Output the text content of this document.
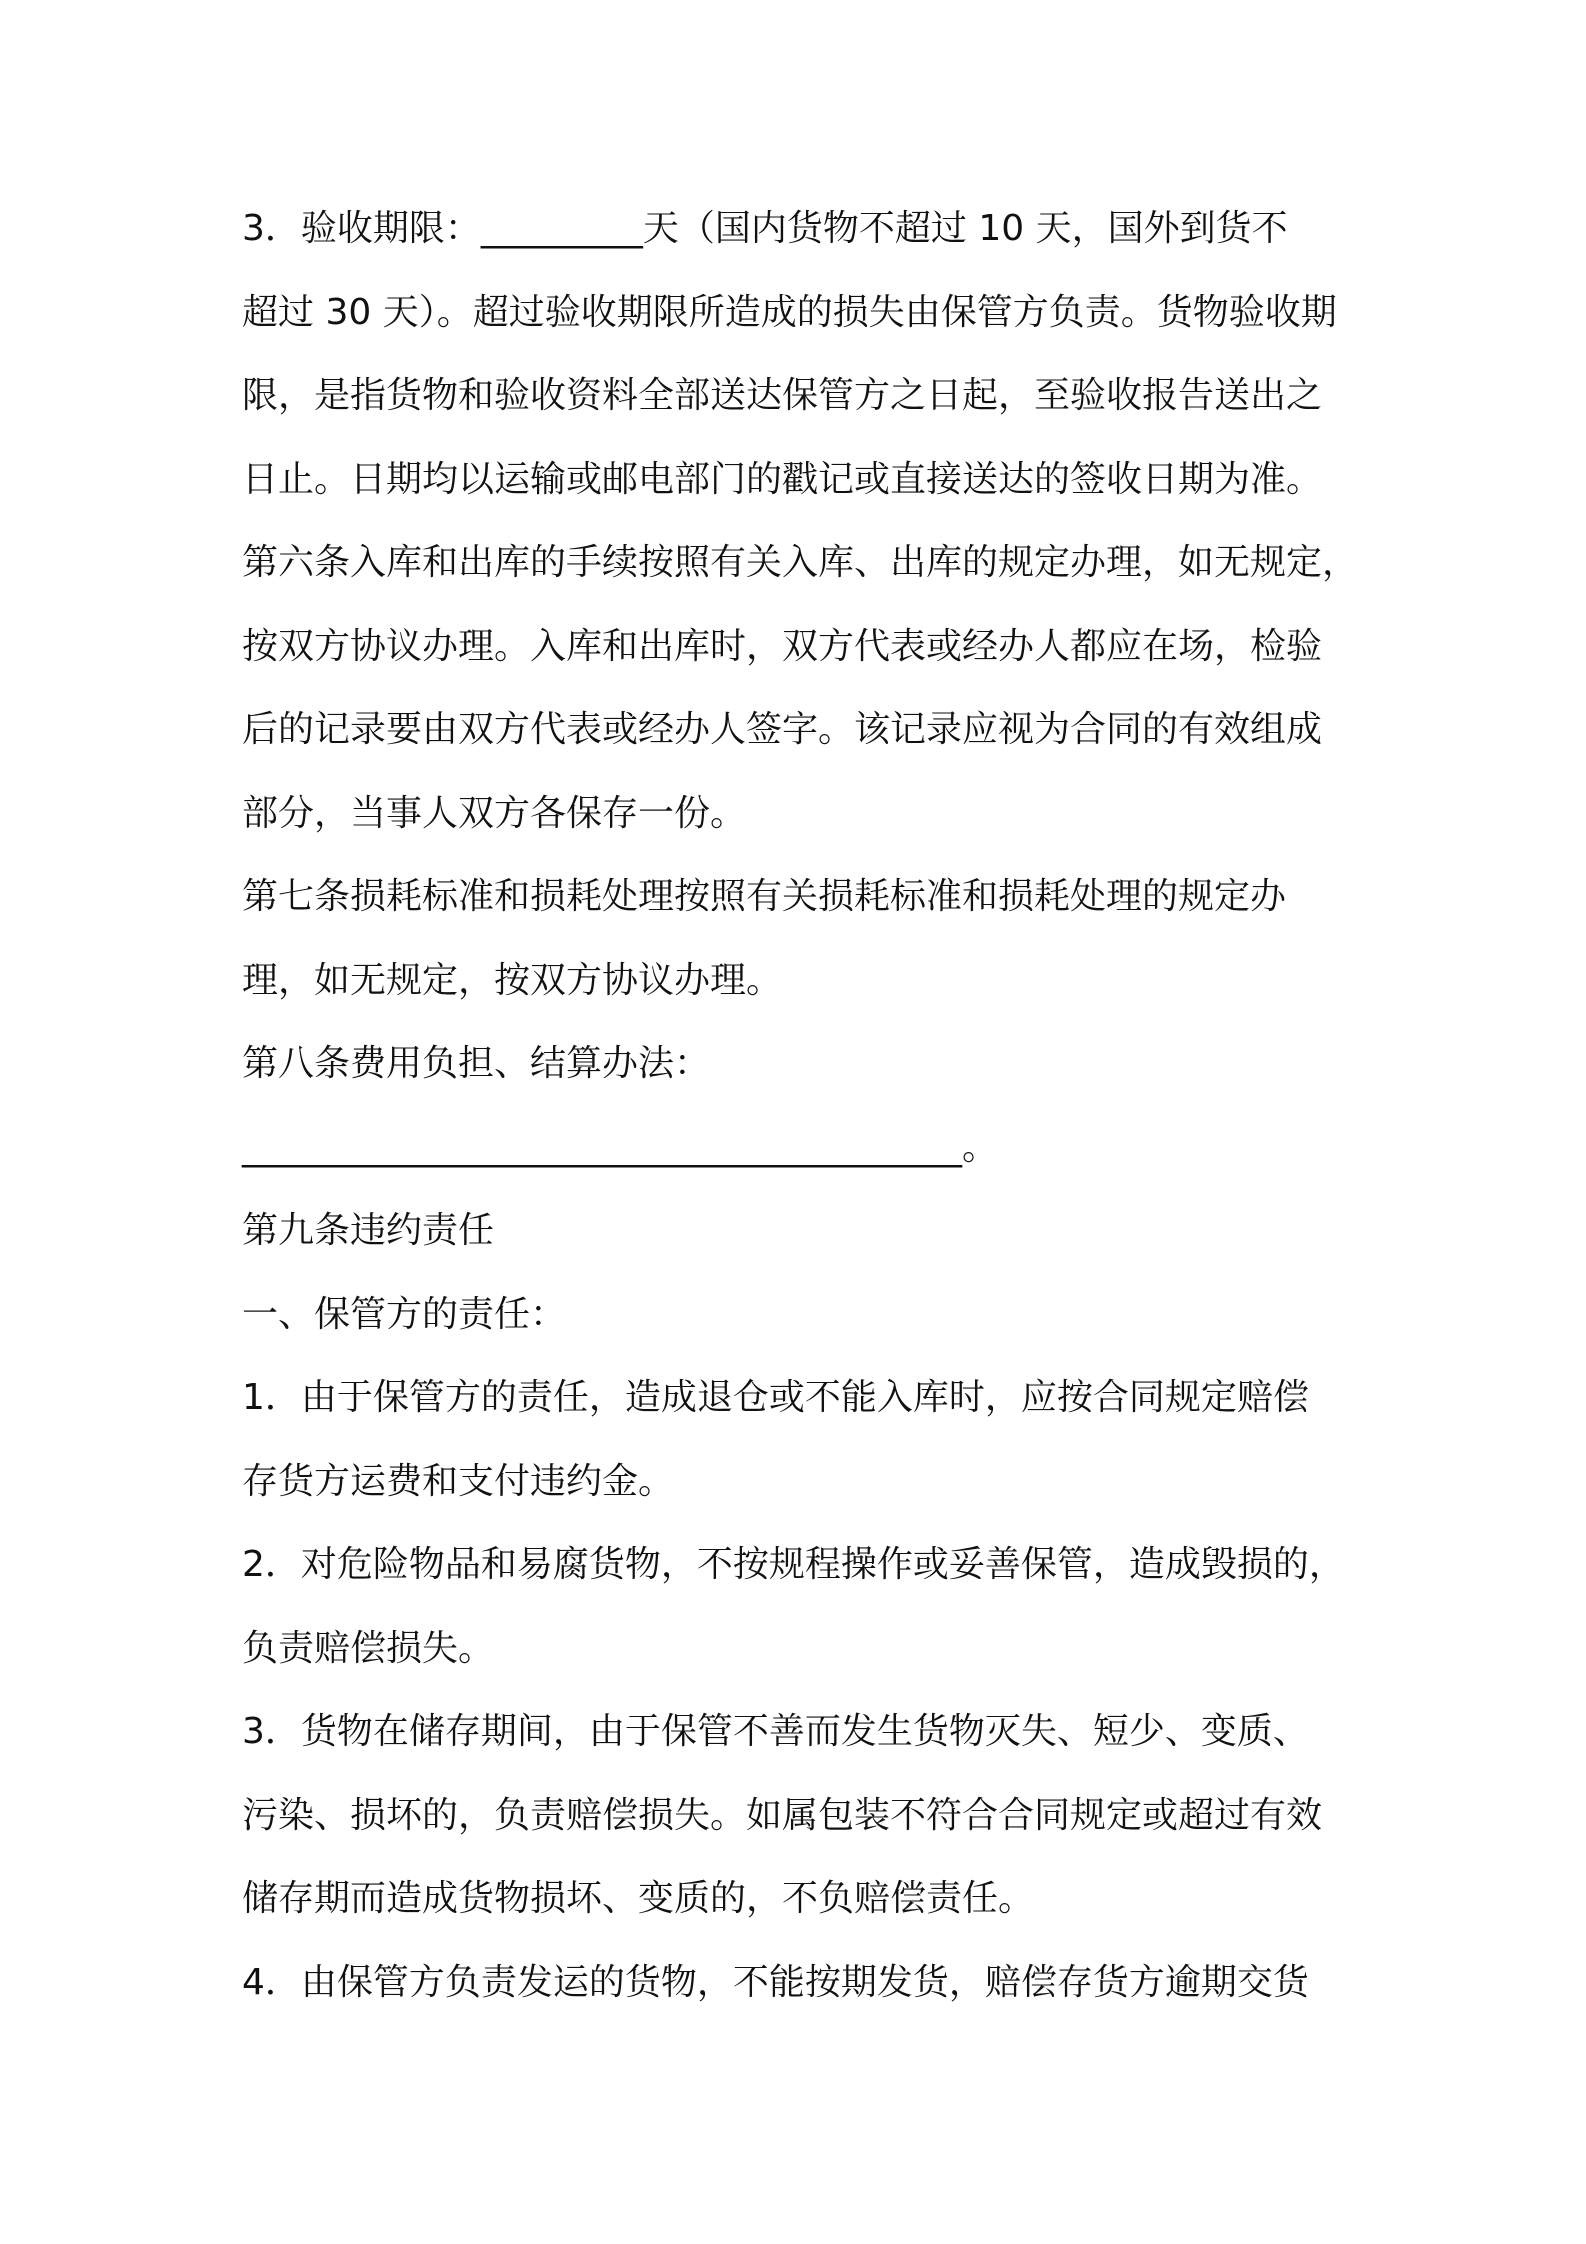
3．验收期限：_________天（国内货物不超过 10 天，国外到货不
超过 30 天）。超过验收期限所造成的损失由保管方负责。货物验收期
限，是指货物和验收资料全部送达保管方之日起，至验收报告送出之
日止。日期均以运输或邮电部门的戳记或直接送达的签收日期为准。
第六条入库和出库的手续按照有关入库、出库的规定办理，如无规定，
按双方协议办理。入库和出库时，双方代表或经办人都应在场，检验
后的记录要由双方代表或经办人签字。该记录应视为合同的有效组成
部分，当事人双方各保存一份。
第七条损耗标准和损耗处理按照有关损耗标准和损耗处理的规定办
理，如无规定，按双方协议办理。
第八条费用负担、结算办法：
________________________________________。
第九条违约责任
一、保管方的责任：
1．由于保管方的责任，造成退仓或不能入库时，应按合同规定赔偿
存货方运费和支付违约金。
2．对危险物品和易腐货物，不按规程操作或妥善保管，造成毁损的，
负责赔偿损失。
3．货物在储存期间，由于保管不善而发生货物灭失、短少、变质、
污染、损坏的，负责赔偿损失。如属包装不符合合同规定或超过有效
储存期而造成货物损坏、变质的，不负赔偿责任。
4．由保管方负责发运的货物，不能按期发货，赔偿存货方逾期交货
